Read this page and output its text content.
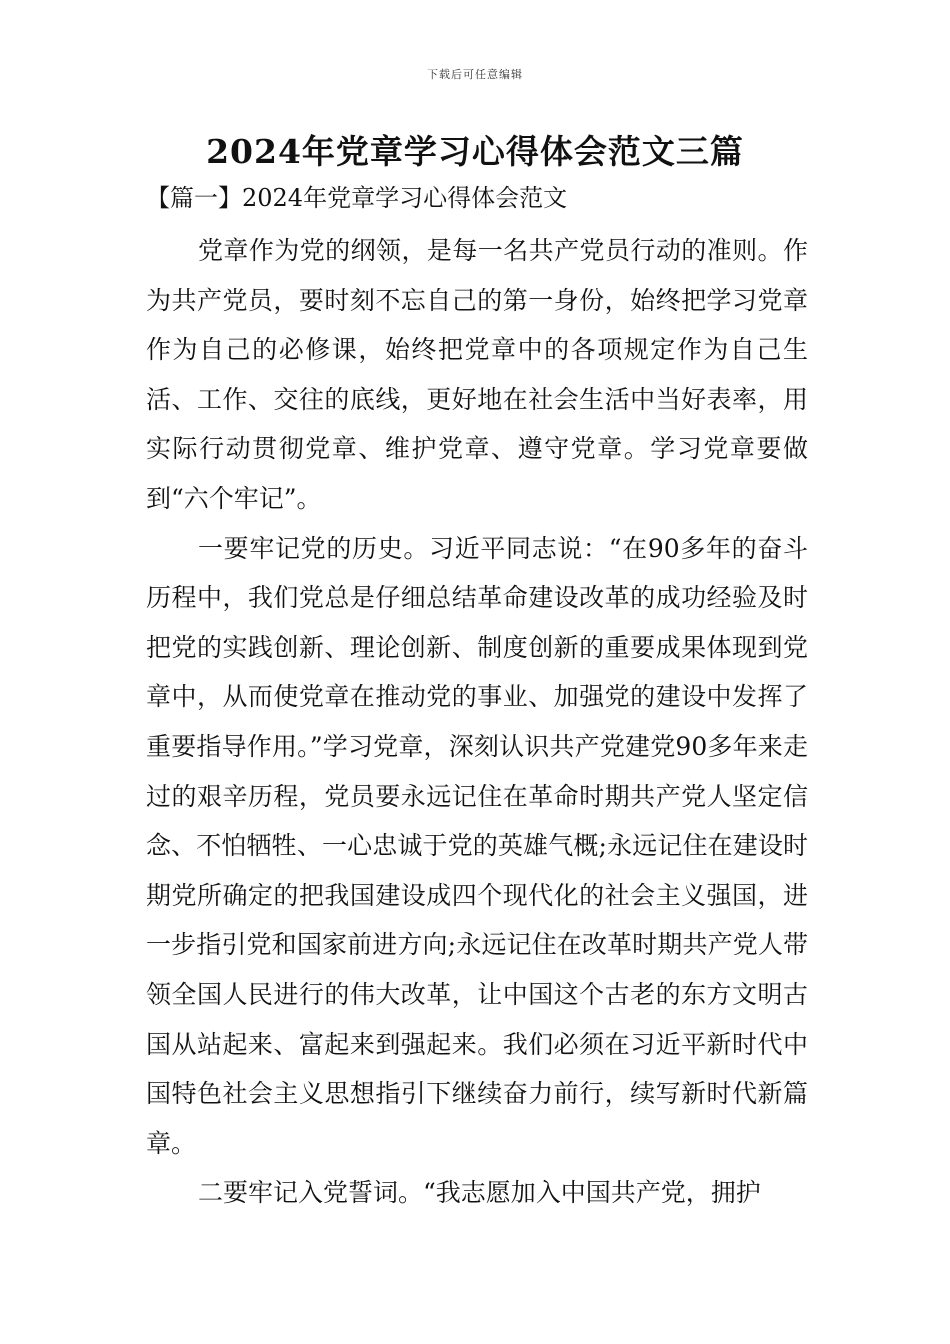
下载后可任意编辑
2024年党章学习心得体会范文三篇
【篇一】2024年党章学习心得体会范文

党章作为党的纲领，是每一名共产党员行动的准则。作为共产党员，要时刻不忘自己的第一身份，始终把学习党章作为自己的必修课，始终把党章中的各项规定作为自己生活、工作、交往的底线，更好地在社会生活中当好表率，用实际行动贯彻党章、维护党章、遵守党章。学习党章要做到“六个牢记”。

一要牢记党的历史。习近平同志说：“在90多年的奋斗历程中，我们党总是仔细总结革命建设改革的成功经验及时把党的实践创新、理论创新、制度创新的重要成果体现到党章中，从而使党章在推动党的事业、加强党的建设中发挥了重要指导作用。”学习党章，深刻认识共产党建党90多年来走过的艰辛历程，党员要永远记住在革命时期共产党人坚定信念、不怕牺牲、一心忠诚于党的英雄气概;永远记住在建设时期党所确定的把我国建设成四个现代化的社会主义强国，进一步指引党和国家前进方向;永远记住在改革时期共产党人带领全国人民进行的伟大改革，让中国这个古老的东方文明古国从站起来、富起来到强起来。我们必须在习近平新时代中国特色社会主义思想指引下继续奋力前行，续写新时代新篇章。

二要牢记入党誓词。“我志愿加入中国共产党，拥护
